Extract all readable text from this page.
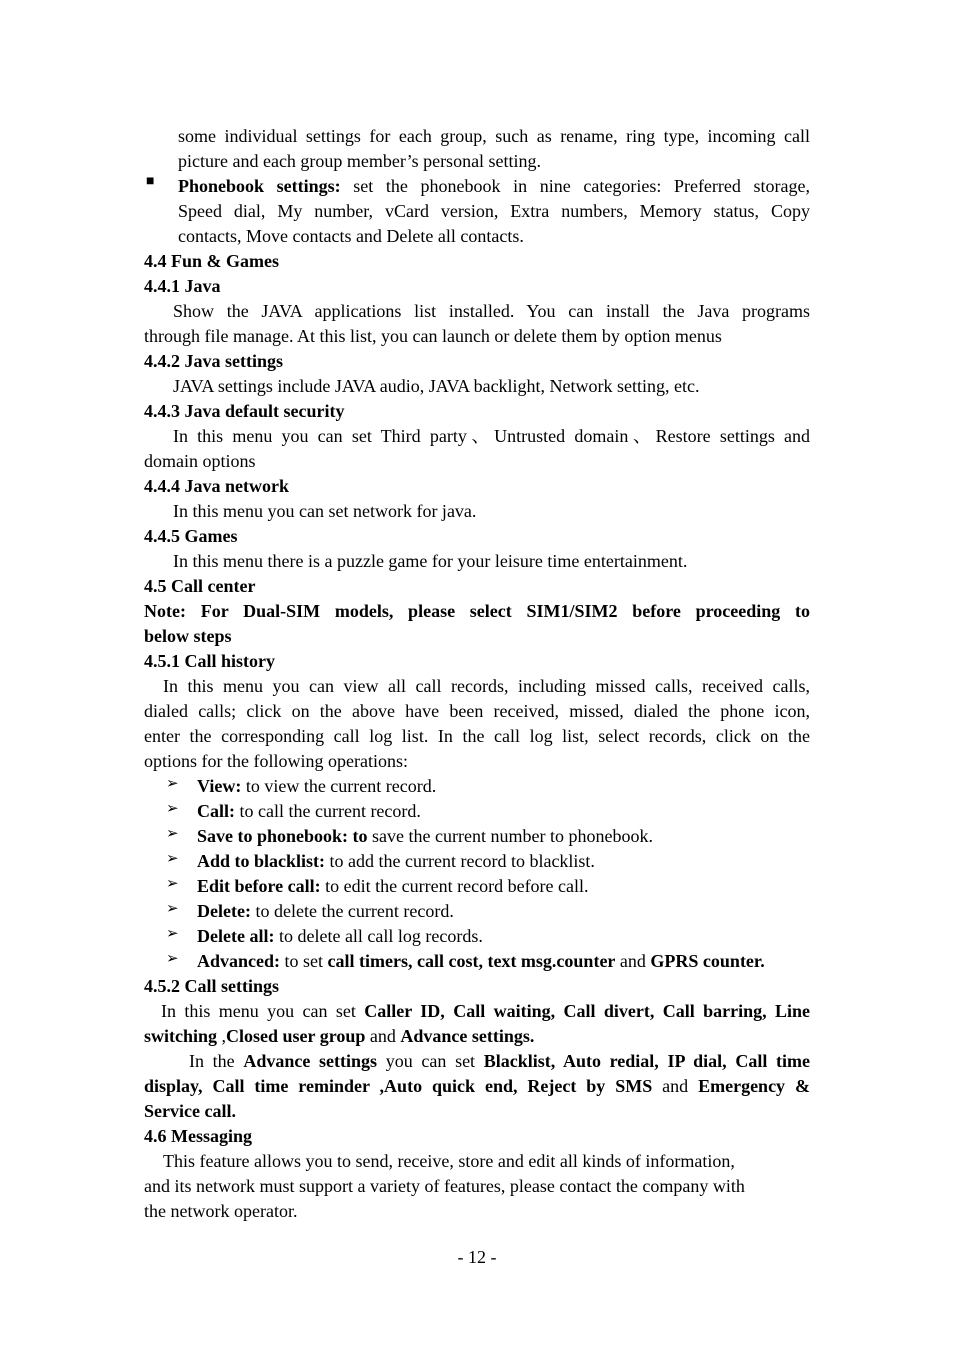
some individual settings for each group, such as rename, ring type, incoming call

picture and each group member’s personal setting.

■ Phonebook settings: set the phonebook in nine categories: Preferred storage,

Speed dial, My number, vCard version, Extra numbers, Memory status, Copy

contacts, Move contacts and Delete all contacts.

4.4 Fun & Games

4.4.1 Java

Show the JAVA applications list installed. You can install the Java programs

through file manage. At this list, you can launch or delete them by option menus

4.4.2 Java settings

JAVA settings include JAVA audio, JAVA backlight, Network setting, etc.

4.4.3 Java default security

In this menu you can set Third party、Untrusted domain、Restore settings and

domain options

4.4.4 Java network

In this menu you can set network for java.

4.4.5 Games

In this menu there is a puzzle game for your leisure time entertainment.

4.5 Call center

Note: For Dual-SIM models, please select SIM1/SIM2 before proceeding to

below steps

4.5.1 Call history

In this menu you can view all call records, including missed calls, received calls,

dialed calls; click on the above have been received, missed, dialed the phone icon,

enter the corresponding call log list. In the call log list, select records, click on the

options for the following operations:

➢ View: to view the current record.

➢ Call: to call the current record.

➢ Save to phonebook: to save the current number to phonebook.

➢ Add to blacklist: to add the current record to blacklist.

➢ Edit before call: to edit the current record before call.

➢ Delete: to delete the current record.

➢ Delete all: to delete all call log records.

➢ Advanced: to set call timers, call cost, text msg.counter and GPRS counter.

4.5.2 Call settings

In this menu you can set Caller ID, Call waiting, Call divert, Call barring, Line

switching ,Closed user group and Advance settings.

In the Advance settings you can set Blacklist, Auto redial, IP dial, Call time

display, Call time reminder ,Auto quick end, Reject by SMS and Emergency &

Service call.

4.6 Messaging

This feature allows you to send, receive, store and edit all kinds of information,

and its network must support a variety of features, please contact the company with

the network operator.

- 12 -
